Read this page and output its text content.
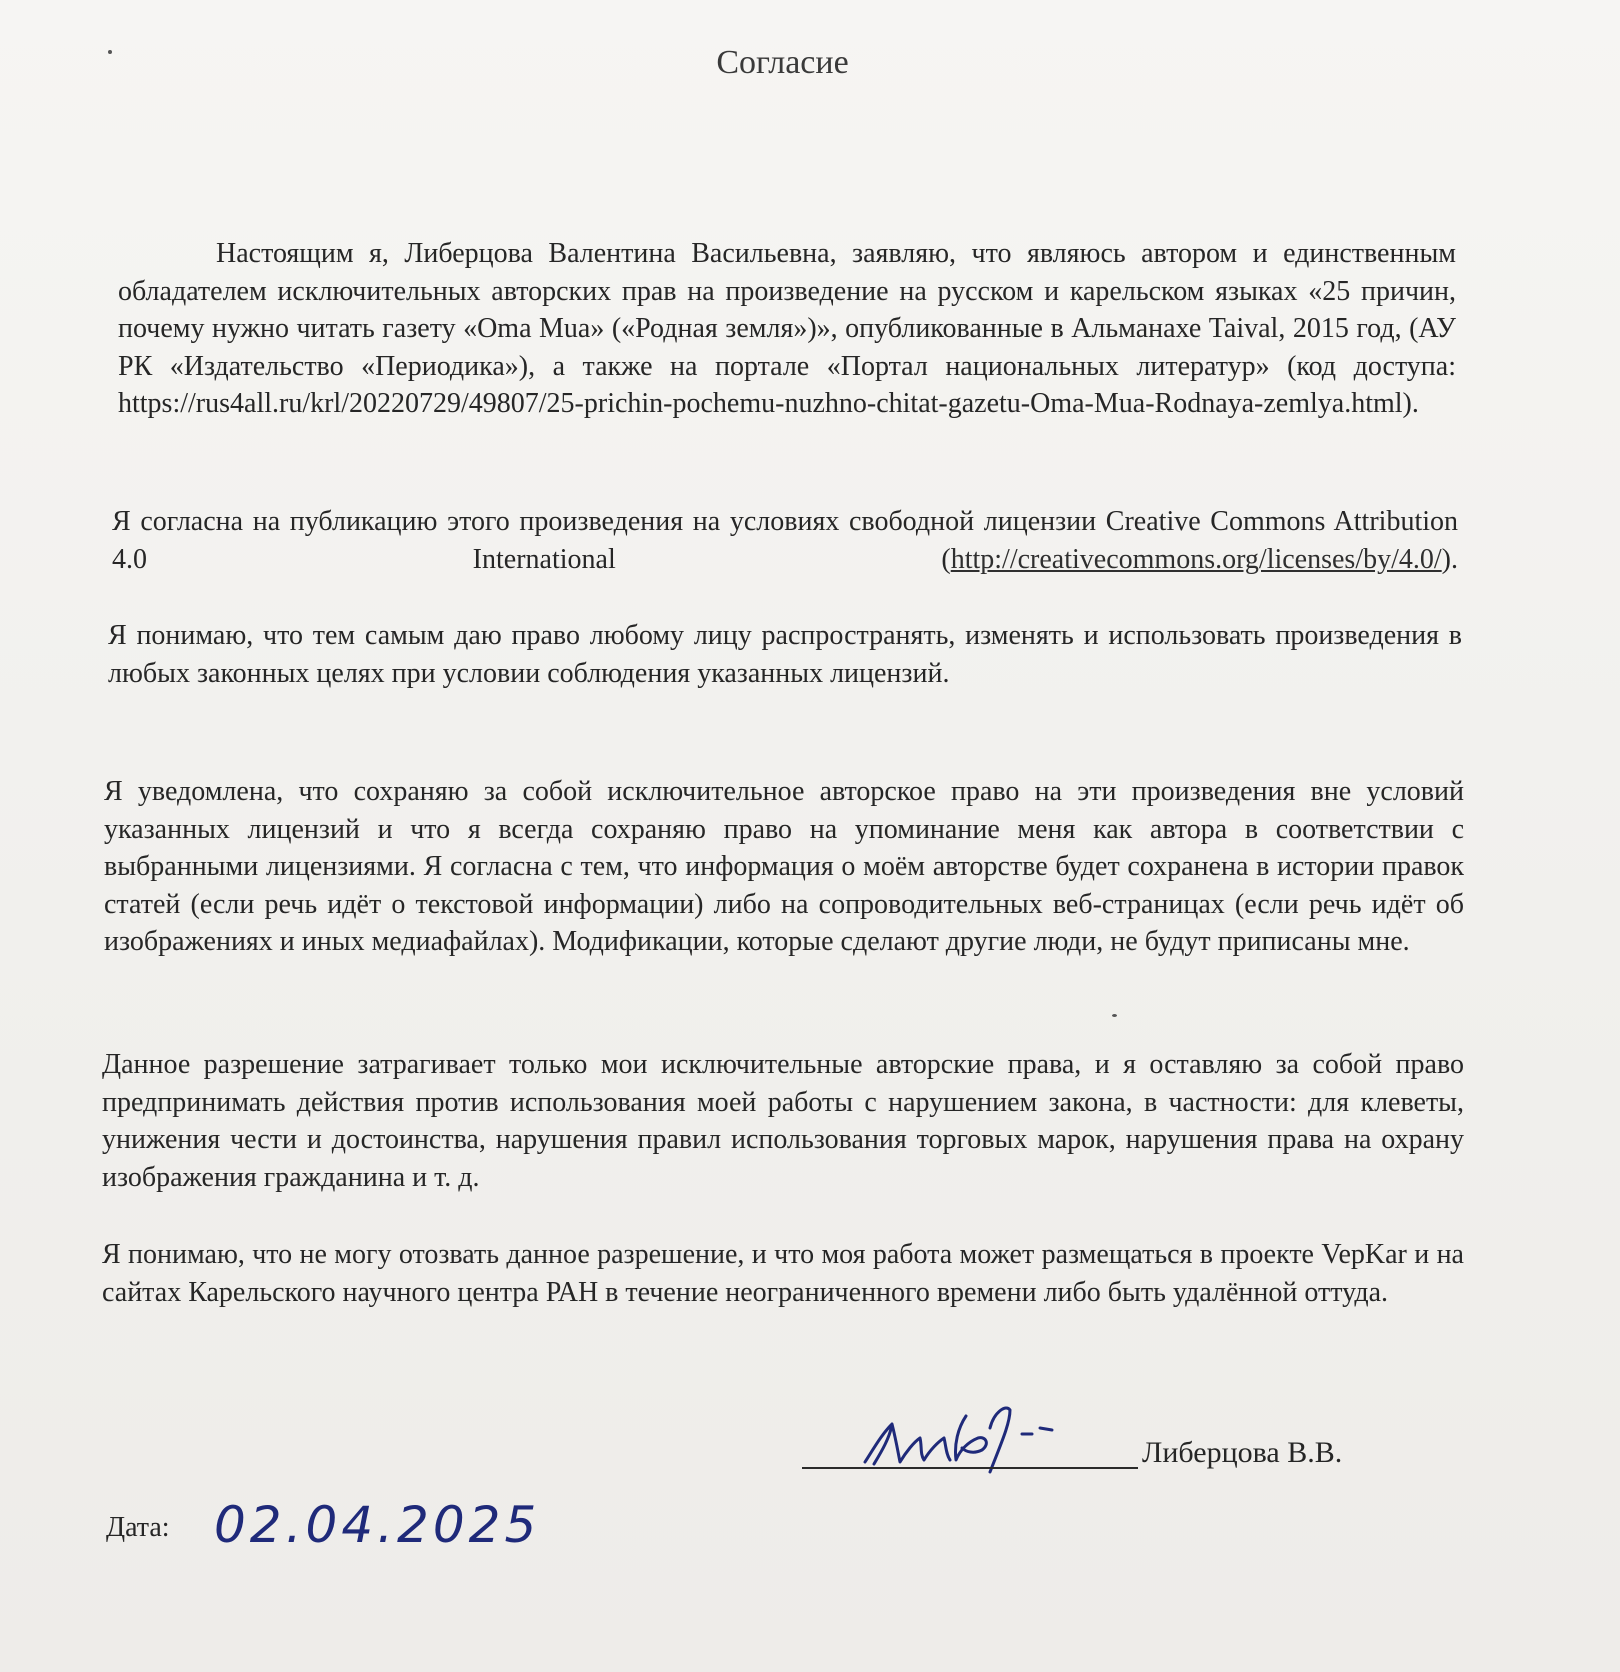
Согласие

Настоящим я, Либерцова Валентина Васильевна, заявляю, что являюсь автором и единственным обладателем исключительных авторских прав на произведение на русском и карельском языках «25 причин, почему нужно читать газету «Oma Mua» («Родная земля»)», опубликованные в Альманахе Taival, 2015 год, (АУ РК «Издательство «Периодика»), а также на портале «Портал национальных литератур» (код доступа: https://rus4all.ru/krl/20220729/49807/25-prichin-pochemu-nuzhno-chitat-gazetu-Oma-Mua-Rodnaya-zemlya.html).

Я согласна на публикацию этого произведения на условиях свободной лицензии Creative Commons Attribution 4.0 International (http://creativecommons.org/licenses/by/4.0/).

Я понимаю, что тем самым даю право любому лицу распространять, изменять и использовать произведения в любых законных целях при условии соблюдения указанных лицензий.

Я уведомлена, что сохраняю за собой исключительное авторское право на эти произведения вне условий указанных лицензий и что я всегда сохраняю право на упоминание меня как автора в соответствии с выбранными лицензиями. Я согласна с тем, что информация о моём авторстве будет сохранена в истории правок статей (если речь идёт о текстовой информации) либо на сопроводительных веб-страницах (если речь идёт об изображениях и иных медиафайлах). Модификации, которые сделают другие люди, не будут приписаны мне.

Данное разрешение затрагивает только мои исключительные авторские права, и я оставляю за собой право предпринимать действия против использования моей работы с нарушением закона, в частности: для клеветы, унижения чести и достоинства, нарушения правил использования торговых марок, нарушения права на охрану изображения гражданина и т. д.

Я понимаю, что не могу отозвать данное разрешение, и что моя работа может размещаться в проекте VepKar и на сайтах Карельского научного центра РАН в течение неограниченного времени либо быть удалённой оттуда.

Либерцова В.В.
Дата: 02.04.2025
